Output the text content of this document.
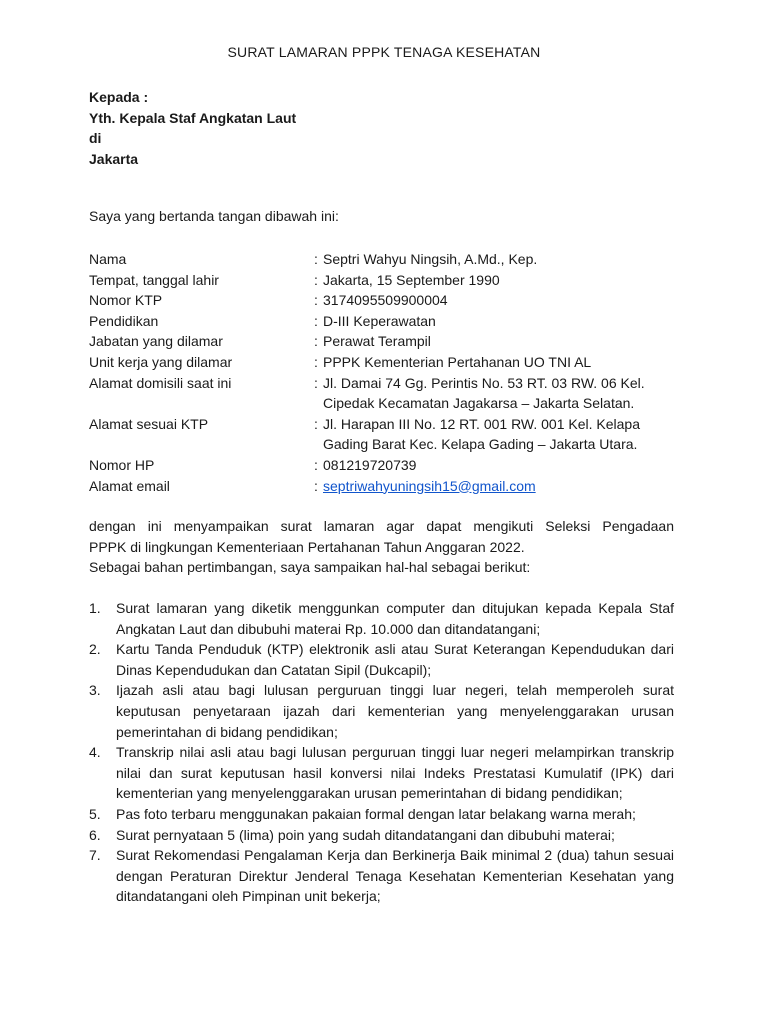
SURAT LAMARAN PPPK TENAGA KESEHATAN
Kepada :
Yth. Kepala Staf Angkatan Laut
di
Jakarta
Saya yang bertanda tangan dibawah ini:
Nama	: Septri Wahyu Ningsih, A.Md., Kep.
Tempat, tanggal lahir	: Jakarta, 15 September 1990
Nomor KTP	: 3174095509900004
Pendidikan	: D-III Keperawatan
Jabatan yang dilamar	: Perawat Terampil
Unit kerja yang dilamar	: PPPK Kementerian Pertahanan UO TNI AL
Alamat domisili saat ini	: Jl. Damai 74 Gg. Perintis No. 53 RT. 03 RW. 06 Kel.
Cipedak Kecamatan Jagakarsa – Jakarta Selatan.
Alamat sesuai KTP	: Jl. Harapan III No. 12 RT. 001 RW. 001 Kel. Kelapa
Gading Barat Kec. Kelapa Gading – Jakarta Utara.
Nomor HP	: 081219720739
Alamat email	: septriwahyuningsih15@gmail.com
dengan ini menyampaikan surat lamaran agar dapat mengikuti Seleksi Pengadaan
PPPK di lingkungan Kementeriaan Pertahanan Tahun Anggaran 2022.
Sebagai bahan pertimbangan, saya sampaikan hal-hal sebagai berikut:
1.	Surat lamaran yang diketik menggunkan computer dan ditujukan kepada Kepala Staf Angkatan Laut dan dibubuhi materai Rp. 10.000 dan ditandatangani;
2.	Kartu Tanda Penduduk (KTP) elektronik asli atau Surat Keterangan Kependudukan dari Dinas Kependudukan dan Catatan Sipil (Dukcapil);
3.	Ijazah asli atau bagi lulusan perguruan tinggi luar negeri, telah memperoleh surat keputusan penyetaraan ijazah dari kementerian yang menyelenggarakan urusan pemerintahan di bidang pendidikan;
4.	Transkrip nilai asli atau bagi lulusan perguruan tinggi luar negeri melampirkan transkrip nilai dan surat keputusan hasil konversi nilai Indeks Prestatasi Kumulatif (IPK) dari kementerian yang menyelenggarakan urusan pemerintahan di bidang pendidikan;
5.	Pas foto terbaru menggunakan pakaian formal dengan latar belakang warna merah;
6.	Surat pernyataan 5 (lima) poin yang sudah ditandatangani dan dibubuhi materai;
7.	Surat Rekomendasi Pengalaman Kerja dan Berkinerja Baik minimal 2 (dua) tahun sesuai dengan Peraturan Direktur Jenderal Tenaga Kesehatan Kementerian Kesehatan yang ditandatangani oleh Pimpinan unit bekerja;
